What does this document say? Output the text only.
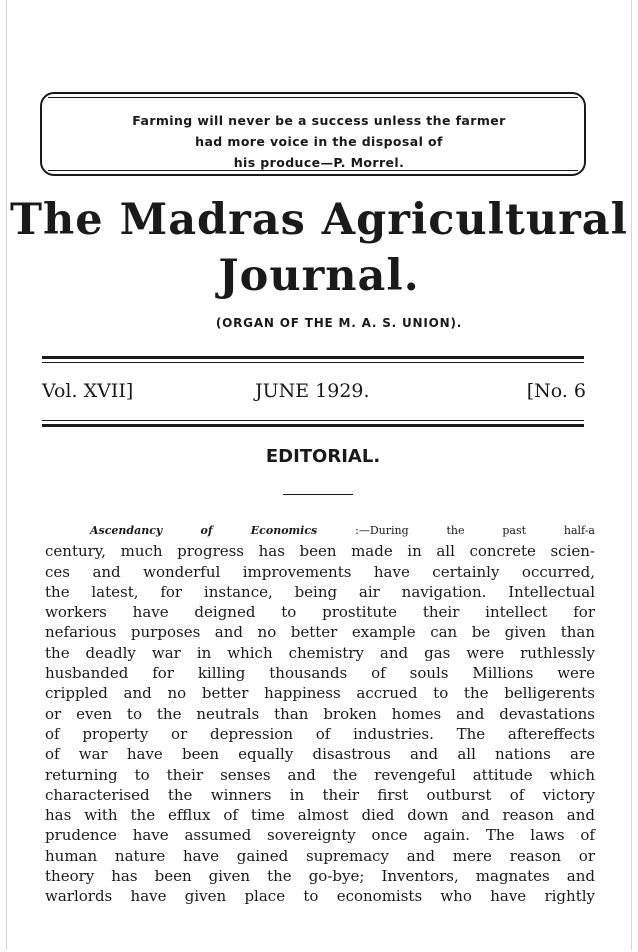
Farming will never be a success unless the farmer
had more voice in the disposal of
his produce—P. Morrel.
The Madras Agricultural
Journal.
(ORGAN OF THE M. A. S. UNION).
Vol. XVII]	JUNE 1929.	[No. 6
EDITORIAL.
Ascendancy of Economics	:—During the past half-a
century, much progress has been made in all concrete scien-
ces and wonderful improvements have certainly occurred,
the latest, for instance, being air navigation. Intellectual
workers have deigned to prostitute their intellect for
nefarious purposes and no better example can be given than
the deadly war in which chemistry and gas were ruthlessly
husbanded for killing thousands of souls Millions were
crippled and no better happiness accrued to the belligerents
or even to the neutrals than broken homes and devastations
of property or depression of industries. The aftereffects
of war have been equally disastrous and all nations are
returning to their senses and the revengeful attitude which
characterised the winners in their first outburst of victory
has with the efflux of time almost died down and reason and
prudence have assumed sovereignty once again. The laws of
human nature have gained supremacy and mere reason or
theory has been given the go-bye; Inventors, magnates and
warlords have given place to economists who have rightly
